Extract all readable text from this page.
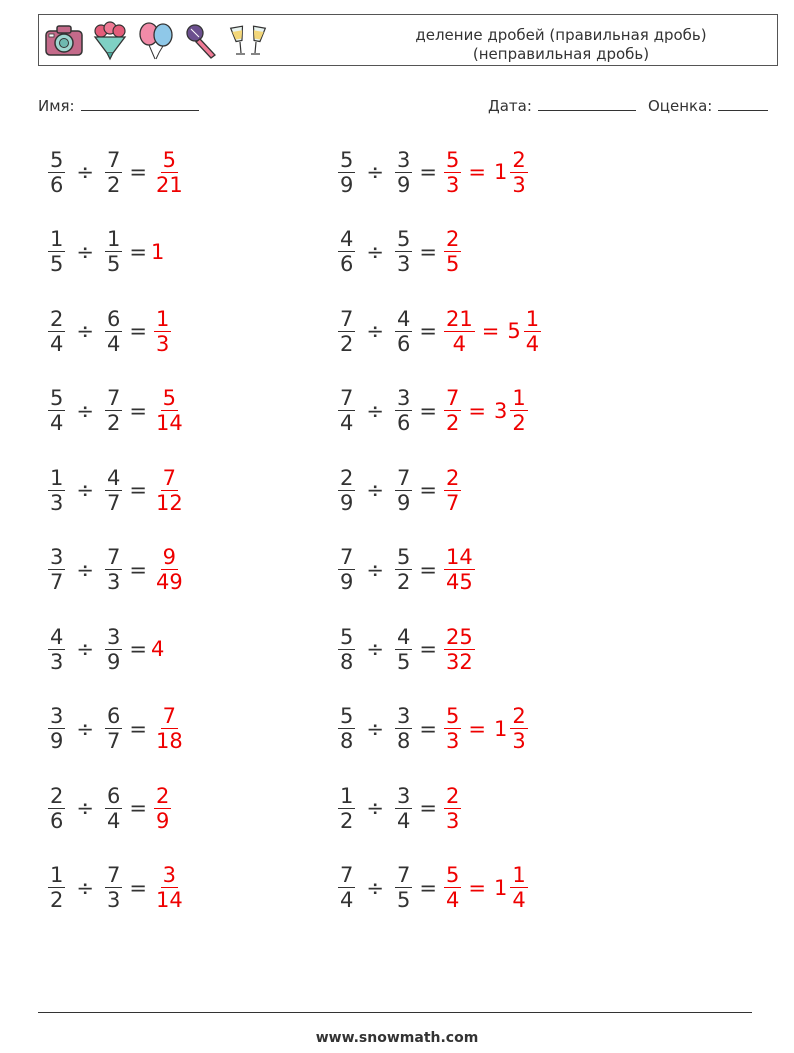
деление дробей (правильная дробь)
(неправильная дробь)
Имя:	Дата:	Оценка:
$\frac{5}{6} \div \frac{7}{2} = \frac{5}{21}$
$\frac{1}{5} \div \frac{1}{5} = 1$
$\frac{2}{4} \div \frac{6}{4} = \frac{1}{3}$
$\frac{5}{4} \div \frac{7}{2} = \frac{5}{14}$
$\frac{1}{3} \div \frac{4}{7} = \frac{7}{12}$
$\frac{3}{7} \div \frac{7}{3} = \frac{9}{49}$
$\frac{4}{3} \div \frac{3}{9} = 4$
$\frac{3}{9} \div \frac{6}{7} = \frac{7}{18}$
$\frac{2}{6} \div \frac{6}{4} = \frac{2}{9}$
$\frac{1}{2} \div \frac{7}{3} = \frac{3}{14}$
$\frac{5}{9} \div \frac{3}{9} = \frac{5}{3} = 1 \frac{2}{3}$
$\frac{4}{6} \div \frac{5}{3} = \frac{2}{5}$
$\frac{7}{2} \div \frac{4}{6} = \frac{21}{4} = 5 \frac{1}{4}$
$\frac{7}{4} \div \frac{3}{6} = \frac{7}{2} = 3 \frac{1}{2}$
$\frac{2}{9} \div \frac{7}{9} = \frac{2}{7}$
$\frac{7}{9} \div \frac{5}{2} = \frac{14}{45}$
$\frac{5}{8} \div \frac{4}{5} = \frac{25}{32}$
$\frac{5}{8} \div \frac{3}{8} = \frac{5}{3} = 1 \frac{2}{3}$
$\frac{1}{2} \div \frac{3}{4} = \frac{2}{3}$
$\frac{7}{4} \div \frac{7}{5} = \frac{5}{4} = 1 \frac{1}{4}$
www.snowmath.com
